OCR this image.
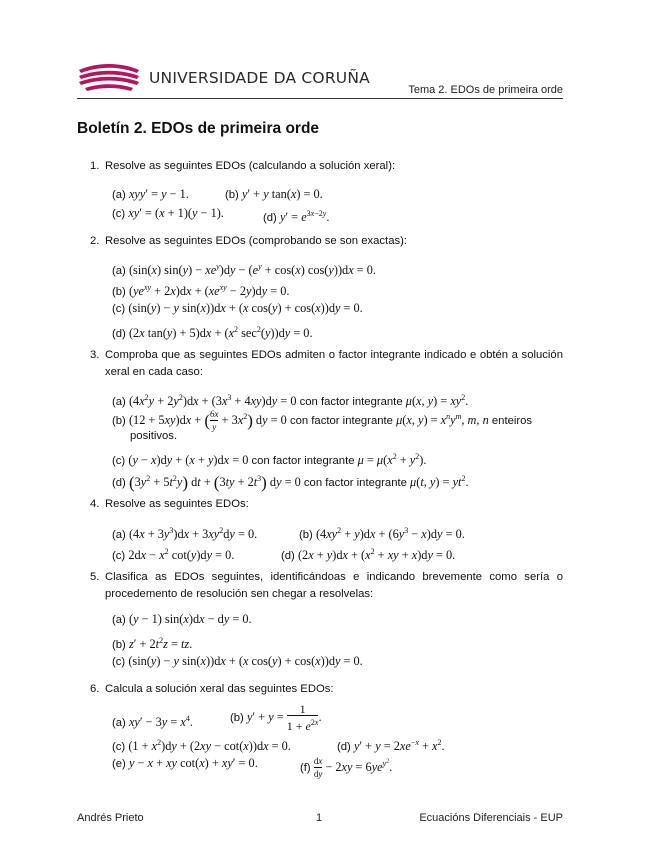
UNIVERSIDADE DA CORUÑA
Tema 2. EDOs de primeira orde
Boletín 2. EDOs de primeira orde
1. Resolve as seguintes EDOs (calculando a solución xeral):
(a) xyy′ = y − 1.	(b) y′ + y tan(x) = 0.
(c) xy′ = (x + 1)(y − 1).	(d) $y' = e^{3x-2y}$.
2. Resolve as seguintes EDOs (comprobando se son exactas):
(a) (sin(x) $\sin(y) - xe^y)dy - (e^y + \cos(x) \cos(y))dx = 0$.
(b) $(ye^{xy} + 2x)dx + (xe^{xy} - 2y)dy = 0$.
(c) (sin(y) − y sin(x))dx + (x cos(y) + cos(x))dy = 0.
(d) (2x $\tan(y) + 5)dx + (x^2$ $\sec^2(y))dy = 0$.
3. Comproba que as seguintes EDOs admiten o factor integrante indicado e obtén a solución xeral en cada caso:
(a) $(4x^2y + 2y^2)dx + (3x^3 + 4xy)dy = 0$ con factor integrante μ(x, $y) = xy^2$.
(b) (12 + 5xy)dx + ( $\frac{6x}{y} + 3x^2$) dy = 0 con factor integrante μ(x, $y) = x^ny^m$, m, n enteiros
positivos.
(c) (y − x)dy + (x + y)dx = 0 con factor integrante $\mu = \mu(x^2 + y^2)$.
(d) $(3y^2 + 5t^2y)$ dt + $(3ty + 2t^3)$ dy = 0 con factor integrante μ(t, $y) = yt^2$.
4. Resolve as seguintes EDOs:
(a) $(4x + 3y^3)dx + 3xy^2dy = 0$.	(b) $(4xy^2 + y)dx + (6y^3 - x)dy = 0$.
(c) $2dx - x^2$ cot(y)dy = 0.	(d) $(2x + y)dx + (x^2$ + xy + x)dy = 0.
5. Clasifica as EDOs seguintes, identificándoas e indicando brevemente como sería o procedemento de resolución sen chegar a resolvelas:
(a) (y − 1) sin(x)dx − dy = 0.
(b) $z' + 2t^2z$ = tz.
(c) (sin(y) − y sin(x))dx + (x cos(y) + cos(x))dy = 0.
6. Calcula a solución xeral das seguintes EDOs:
(a) $xy' - 3y = x^4$.	(b) $y' + y = \frac{1}{1 + e^{2x}}$ .
(c) $(1 + x^2)dy + (2xy - \cot(x))dx = 0$.	(d) $y' + y = 2xe^{-x} + x^2$.
(e) y − x + xy cot(x) + xy′ = 0.	$(f) \frac{dx}{dy} - 2xy = 6ye^{y^2}$.
Andrés Prieto	1	Ecuacións Diferenciais - EUP
